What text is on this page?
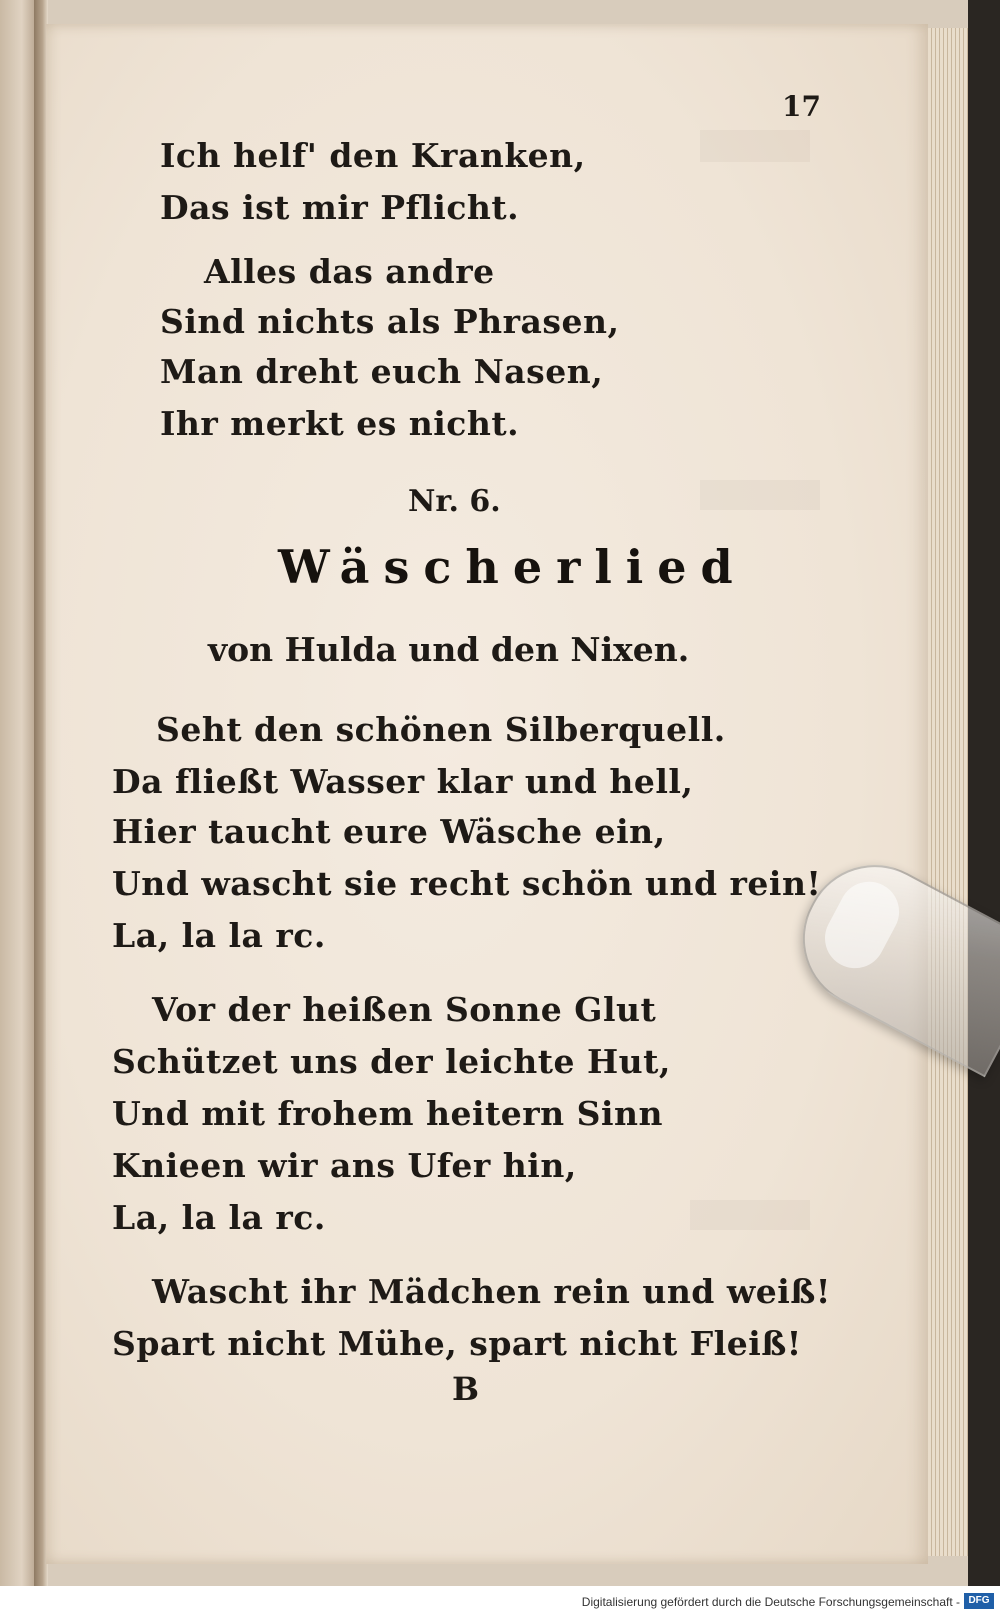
17
Ich helf' den Kranken,
Das ist mir Pflicht.
Alles das andre
Sind nichts als Phrasen,
Man dreht euch Nasen,
Ihr merkt es nicht.
Nr. 6.
Wäscherlied
von Hulda und den Nixen.
Seht den schönen Silberquell.
Da fließt Wasser klar und hell,
Hier taucht eure Wäsche ein,
Und wascht sie recht schön und rein!
La, la la rc.
Vor der heißen Sonne Glut
Schützet uns der leichte Hut,
Und mit frohem heitern Sinn
Knieen wir ans Ufer hin,
La, la la rc.
Wascht ihr Mädchen rein und weiß!
Spart nicht Mühe, spart nicht Fleiß!
B
Digitalisierung gefördert durch die Deutsche Forschungsgemeinschaft - DFG
